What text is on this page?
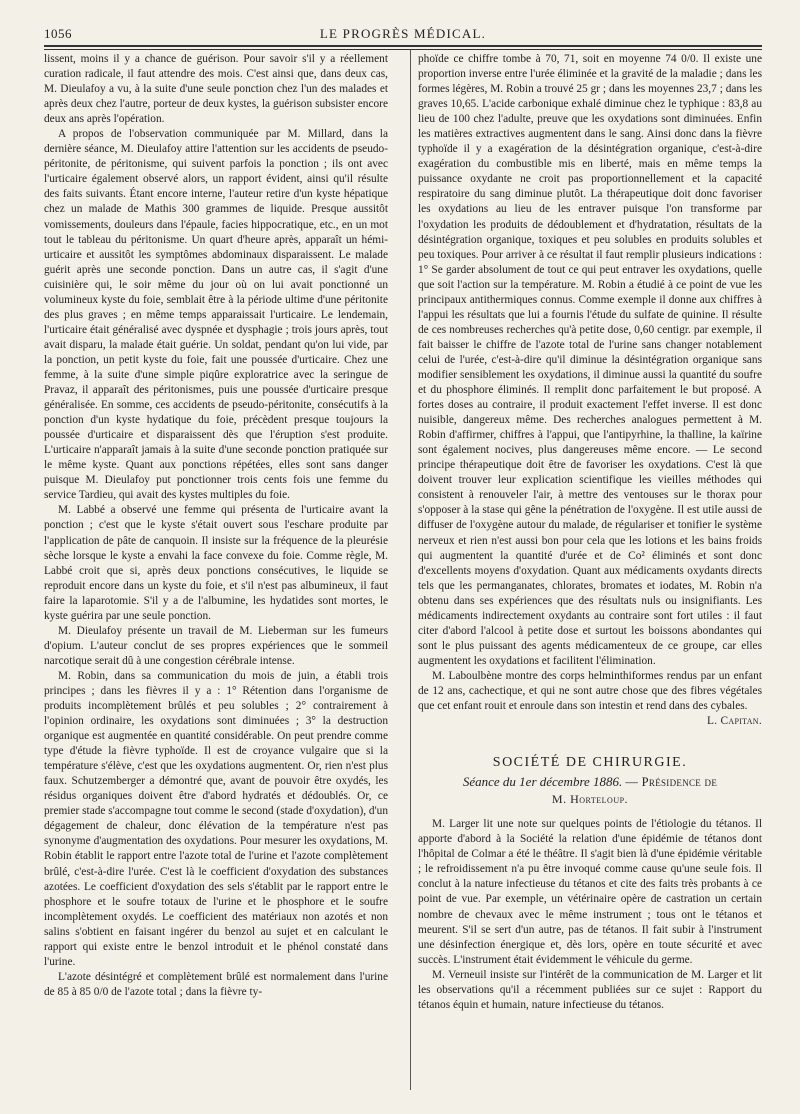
1056	LE PROGRÈS MÉDICAL.

lissent, moins il y a chance de guérison. Pour savoir s'il y a réellement curation radicale, il faut attendre des mois. C'est ainsi que, dans deux cas, M. Dieulafoy a vu, à la suite d'une seule ponction chez l'un des malades et après deux chez l'autre, porteur de deux kystes, la guérison subsister encore deux ans après l'opération.

A propos de l'observation communiquée par M. Millard, dans la dernière séance, M. Dieulafoy attire l'attention sur les accidents de pseudo-péritonite, de péritonisme, qui suivent parfois la ponction ; ils ont avec l'urticaire également observé alors, un rapport évident, ainsi qu'il résulte des faits suivants. Étant encore interne, l'auteur retire d'un kyste hépatique chez un malade de Mathis 300 grammes de liquide. Presque aussitôt vomissements, douleurs dans l'épaule, facies hippocratique, etc., en un mot tout le tableau du péritonisme. Un quart d'heure après, apparaît un hémi-urticaire et aussitôt les symptômes abdominaux disparaissent. Le malade guérit après une seconde ponction. Dans un autre cas, il s'agit d'une cuisinière qui, le soir même du jour où on lui avait ponctionné un volumineux kyste du foie, semblait être à la période ultime d'une péritonite des plus graves ; en même temps apparaissait l'urticaire. Le lendemain, l'urticaire était généralisé avec dyspnée et dysphagie ; trois jours après, tout avait disparu, la malade était guérie. Un soldat, pendant qu'on lui vide, par la ponction, un petit kyste du foie, fait une poussée d'urticaire. Chez une femme, à la suite d'une simple piqûre exploratrice avec la seringue de Pravaz, il apparaît des péritonismes, puis une poussée d'urticaire presque généralisée. En somme, ces accidents de pseudo-péritonite, consécutifs à la ponction d'un kyste hydatique du foie, précèdent presque toujours la poussée d'urticaire et disparaissent dès que l'éruption s'est produite. L'urticaire n'apparaît jamais à la suite d'une seconde ponction pratiquée sur le même kyste. Quant aux ponctions répétées, elles sont sans danger puisque M. Dieulafoy put ponctionner trois cents fois une femme du service Tardieu, qui avait des kystes multiples du foie.

M. Labbé a observé une femme qui présenta de l'urticaire avant la ponction ; c'est que le kyste s'était ouvert sous l'eschare produite par l'application de pâte de canquoin. Il insiste sur la fréquence de la pleurésie sèche lorsque le kyste a envahi la face convexe du foie. Comme règle, M. Labbé croit que si, après deux ponctions consécutives, le liquide se reproduit encore dans un kyste du foie, et s'il n'est pas albumineux, il faut faire la laparotomie. S'il y a de l'albumine, les hydatides sont mortes, le kyste guérira par une seule ponction.

M. Dieulafoy présente un travail de M. Lieberman sur les fumeurs d'opium. L'auteur conclut de ses propres expériences que le sommeil narcotique serait dû à une congestion cérébrale intense.

M. Robin, dans sa communication du mois de juin, a établi trois principes ; dans les fièvres il y a : 1° Rétention dans l'organisme de produits incomplètement brûlés et peu solubles ; 2° contrairement à l'opinion ordinaire, les oxydations sont diminuées ; 3° la destruction organique est augmentée en quantité considérable. On peut prendre comme type d'étude la fièvre typhoïde. Il est de croyance vulgaire que si la température s'élève, c'est que les oxydations augmentent. Or, rien n'est plus faux. Schutzemberger a démontré que, avant de pouvoir être oxydés, les résidus organiques doivent être d'abord hydratés et dédoublés. Or, ce premier stade s'accompagne tout comme le second (stade d'oxydation), d'un dégagement de chaleur, donc élévation de la température n'est pas synonyme d'augmentation des oxydations. Pour mesurer les oxydations, M. Robin établit le rapport entre l'azote total de l'urine et l'azote complètement brûlé, c'est-à-dire l'urée. C'est là le coefficient d'oxydation des substances azotées. Le coefficient d'oxydation des sels s'établit par le rapport entre le phosphore et le soufre totaux de l'urine et le phosphore et le soufre incomplètement oxydés. Le coefficient des matériaux non azotés et non salins s'obtient en faisant ingérer du benzol au sujet et en calculant le rapport qui existe entre le benzol introduit et le phénol constaté dans l'urine.

L'azote désintégré et complètement brûlé est normalement dans l'urine de 85 à 85 0/0 de l'azote total ; dans la fièvre ty-

phoïde ce chiffre tombe à 70, 71, soit en moyenne 74 0/0. Il existe une proportion inverse entre l'urée éliminée et la gravité de la maladie ; dans les formes légères, M. Robin a trouvé 25 gr ; dans les moyennes 23,7 ; dans les graves 10,65. L'acide carbonique exhalé diminue chez le typhique : 83,8 au lieu de 100 chez l'adulte, preuve que les oxydations sont diminuées. Enfin les matières extractives augmentent dans le sang. Ainsi donc dans la fièvre typhoïde il y a exagération de la désintégration organique, c'est-à-dire exagération du combustible mis en liberté, mais en même temps la puissance oxydante ne croit pas proportionnellement et la capacité respiratoire du sang diminue plutôt. La thérapeutique doit donc favoriser les oxydations au lieu de les entraver puisque l'on transforme par l'oxydation les produits de dédoublement et d'hydratation, résultats de la désintégration organique, toxiques et peu solubles en produits solubles et peu toxiques. Pour arriver à ce résultat il faut remplir plusieurs indications : 1° Se garder absolument de tout ce qui peut entraver les oxydations, quelle que soit l'action sur la température. M. Robin a étudié à ce point de vue les principaux antithermiques connus. Comme exemple il donne aux chiffres à l'appui les résultats que lui a fournis l'étude du sulfate de quinine. Il résulte de ces nombreuses recherches qu'à petite dose, 0,60 centigr. par exemple, il fait baisser le chiffre de l'azote total de l'urine sans changer notablement celui de l'urée, c'est-à-dire qu'il diminue la désintégration organique sans modifier sensiblement les oxydations, il diminue aussi la quantité du soufre et du phosphore éliminés. Il remplit donc parfaitement le but proposé. A fortes doses au contraire, il produit exactement l'effet inverse. Il est donc nuisible, dangereux même. Des recherches analogues permettent à M. Robin d'affirmer, chiffres à l'appui, que l'antipyrhine, la thalline, la kaïrine sont également nocives, plus dangereuses même encore. — Le second principe thérapeutique doit être de favoriser les oxydations. C'est là que doivent trouver leur explication scientifique les vieilles méthodes qui consistent à renouveler l'air, à mettre des ventouses sur le thorax pour s'opposer à la stase qui gêne la pénétration de l'oxygène. Il est utile aussi de diffuser de l'oxygène autour du malade, de régulariser et tonifier le système nerveux et rien n'est aussi bon pour cela que les lotions et les bains froids qui augmentent la quantité d'urée et de Co² éliminés et sont donc d'excellents moyens d'oxydation. Quant aux médicaments oxydants directs tels que les permanganates, chlorates, bromates et iodates, M. Robin n'a obtenu dans ses expériences que des résultats nuls ou insignifiants. Les médicaments indirectement oxydants au contraire sont fort utiles : il faut citer d'abord l'alcool à petite dose et surtout les boissons abondantes qui sont le plus puissant des agents médicamenteux de ce groupe, car elles augmentent les oxydations et facilitent l'élimination.

M. Laboulbène montre des corps helminthiformes rendus par un enfant de 12 ans, cachectique, et qui ne sont autre chose que des fibres végétales que cet enfant rouit et enroule dans son intestin et rend dans des cybales.

L. Capitan.

SOCIÉTÉ DE CHIRURGIE.
Séance du 1er décembre 1886. — Présidence de
M. Horteloup.

M. Larger lit une note sur quelques points de l'étiologie du tétanos. Il apporte d'abord à la Société la relation d'une épidémie de tétanos dont l'hôpital de Colmar a été le théâtre. Il s'agit bien là d'une épidémie véritable ; le refroidissement n'a pu être invoqué comme cause qu'une seule fois. Il conclut à la nature infectieuse du tétanos et cite des faits très probants à ce point de vue. Par exemple, un vétérinaire opère de castration un certain nombre de chevaux avec le même instrument ; tous ont le tétanos et meurent. S'il se sert d'un autre, pas de tétanos. Il fait subir à l'instrument une désinfection énergique et, dès lors, opère en toute sécurité et avec succès. L'instrument était évidemment le véhicule du germe.

M. Verneuil insiste sur l'intérêt de la communication de M. Larger et lit les observations qu'il a récemment publiées sur ce sujet : Rapport du tétanos équin et humain, nature infectieuse du tétanos.
